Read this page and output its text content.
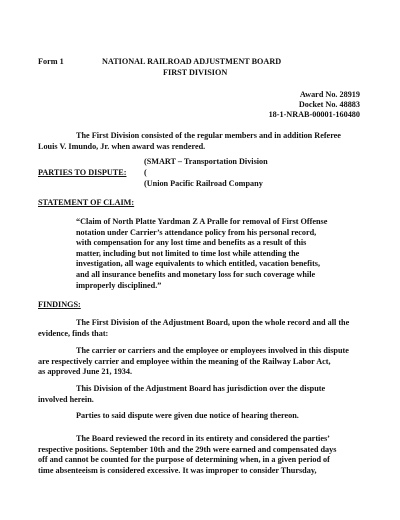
Form 1	NATIONAL RAILROAD ADJUSTMENT BOARD
FIRST DIVISION
Award No. 28919
Docket No. 48883
18-1-NRAB-00001-160480
The First Division consisted of the regular members and in addition Referee
Louis V. Imundo, Jr. when award was rendered.
(SMART – Transportation Division
PARTIES TO DISPUTE: (
(Union Pacific Railroad Company
STATEMENT OF CLAIM:
“Claim of North Platte Yardman Z A Pralle for removal of First Offense
notation under Carrier’s attendance policy from his personal record,
with compensation for any lost time and benefits as a result of this
matter, including but not limited to time lost while attending the
investigation, all wage equivalents to which entitled, vacation benefits,
and all insurance benefits and monetary loss for such coverage while
improperly disciplined.”
FINDINGS:
The First Division of the Adjustment Board, upon the whole record and all the
evidence, finds that:
The carrier or carriers and the employee or employees involved in this dispute
are respectively carrier and employee within the meaning of the Railway Labor Act,
as approved June 21, 1934.
This Division of the Adjustment Board has jurisdiction over the dispute
involved herein.
Parties to said dispute were given due notice of hearing thereon.
The Board reviewed the record in its entirety and considered the parties’
respective positions. September 10th and the 29th were earned and compensated days
off and cannot be counted for the purpose of determining when, in a given period of
time absenteeism is considered excessive. It was improper to consider Thursday,
